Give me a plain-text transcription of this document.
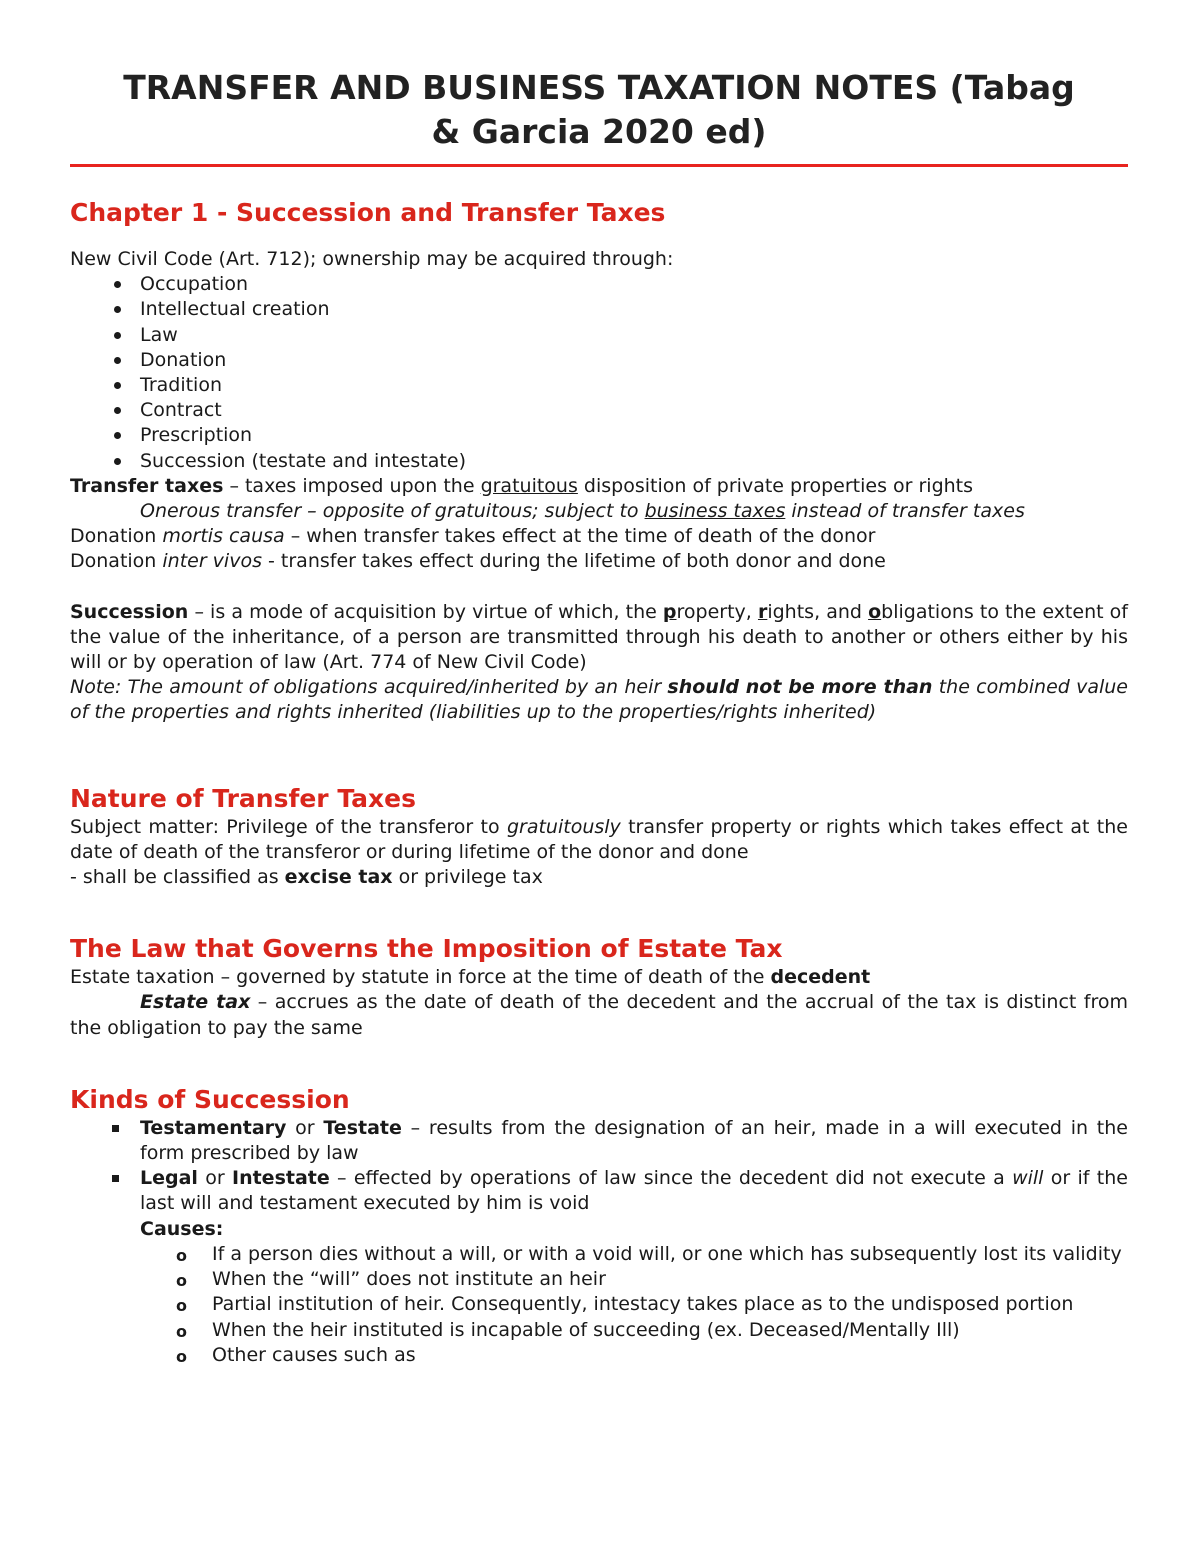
TRANSFER AND BUSINESS TAXATION NOTES (Tabag
& Garcia 2020 ed)
Chapter 1 - Succession and Transfer Taxes

New Civil Code (Art. 712); ownership may be acquired through:

Occupation
Intellectual creation
Law
Donation
Tradition
Contract
Prescription
Succession (testate and intestate)

Transfer taxes – taxes imposed upon the gratuitous disposition of private properties or rights

Onerous transfer – opposite of gratuitous; subject to business taxes instead of transfer taxes

Donation mortis causa – when transfer takes effect at the time of death of the donor

Donation inter vivos - transfer takes effect during the lifetime of both donor and done

Succession – is a mode of acquisition by virtue of which, the property, rights, and obligations to the extent of the value of the inheritance, of a person are transmitted through his death to another or others either by his will or by operation of law (Art. 774 of New Civil Code)

Note: The amount of obligations acquired/inherited by an heir should not be more than the combined value of the properties and rights inherited (liabilities up to the properties/rights inherited)

Nature of Transfer Taxes

Subject matter: Privilege of the transferor to gratuitously transfer property or rights which takes effect at the date of death of the transferor or during lifetime of the donor and done

- shall be classified as excise tax or privilege tax

The Law that Governs the Imposition of Estate Tax

Estate taxation – governed by statute in force at the time of death of the decedent

Estate tax – accrues as the date of death of the decedent and the accrual of the tax is distinct from the obligation to pay the same

Kinds of Succession
Testamentary or Testate – results from the designation of an heir, made in a will executed in the form prescribed by law
Legal or Intestate – effected by operations of law since the decedent did not execute a will or if the last will and testament executed by him is void
Causes:
o If a person dies without a will, or with a void will, or one which has subsequently lost its validity
o When the “will” does not institute an heir
o Partial institution of heir. Consequently, intestacy takes place as to the undisposed portion
o When the heir instituted is incapable of succeeding (ex. Deceased/Mentally Ill)
o Other causes such as
